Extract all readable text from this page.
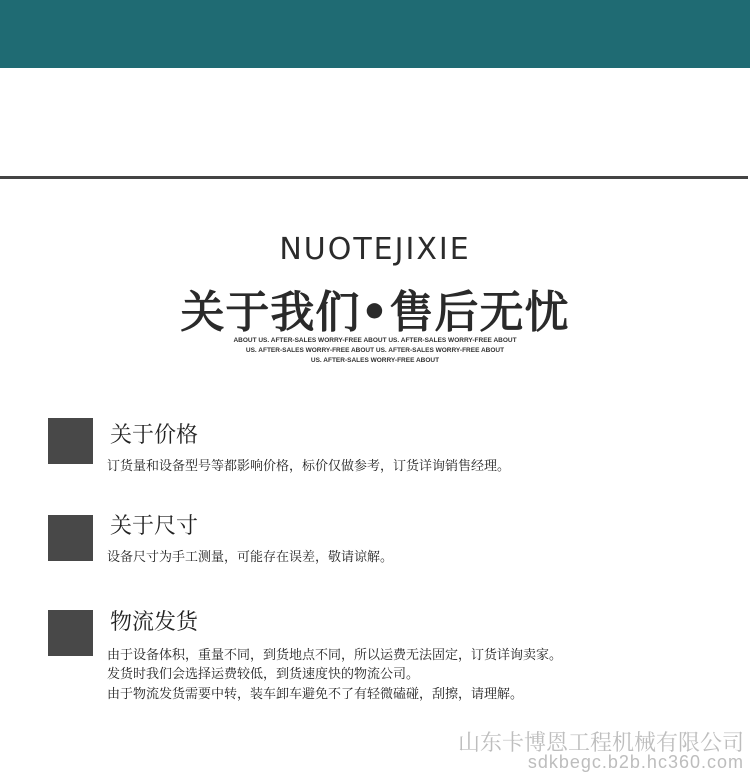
NUOTEJIXIE
关于我们•售后无忧
ABOUT US. AFTER-SALES WORRY-FREE ABOUT US. AFTER-SALES WORRY-FREE ABOUT
US. AFTER-SALES WORRY-FREE ABOUT US. AFTER-SALES WORRY-FREE ABOUT
US. AFTER-SALES WORRY-FREE ABOUT
关于价格
订货量和设备型号等都影响价格，标价仅做参考，订货详询销售经理。
关于尺寸
设备尺寸为手工测量，可能存在误差，敬请谅解。
物流发货
由于设备体积，重量不同，到货地点不同，所以运费无法固定，订货详询卖家。
发货时我们会选择运费较低，到货速度快的物流公司。
由于物流发货需要中转，装车卸车避免不了有轻微磕碰，刮擦，请理解。
山东卡博恩工程机械有限公司
sdkbegc.b2b.hc360.com
